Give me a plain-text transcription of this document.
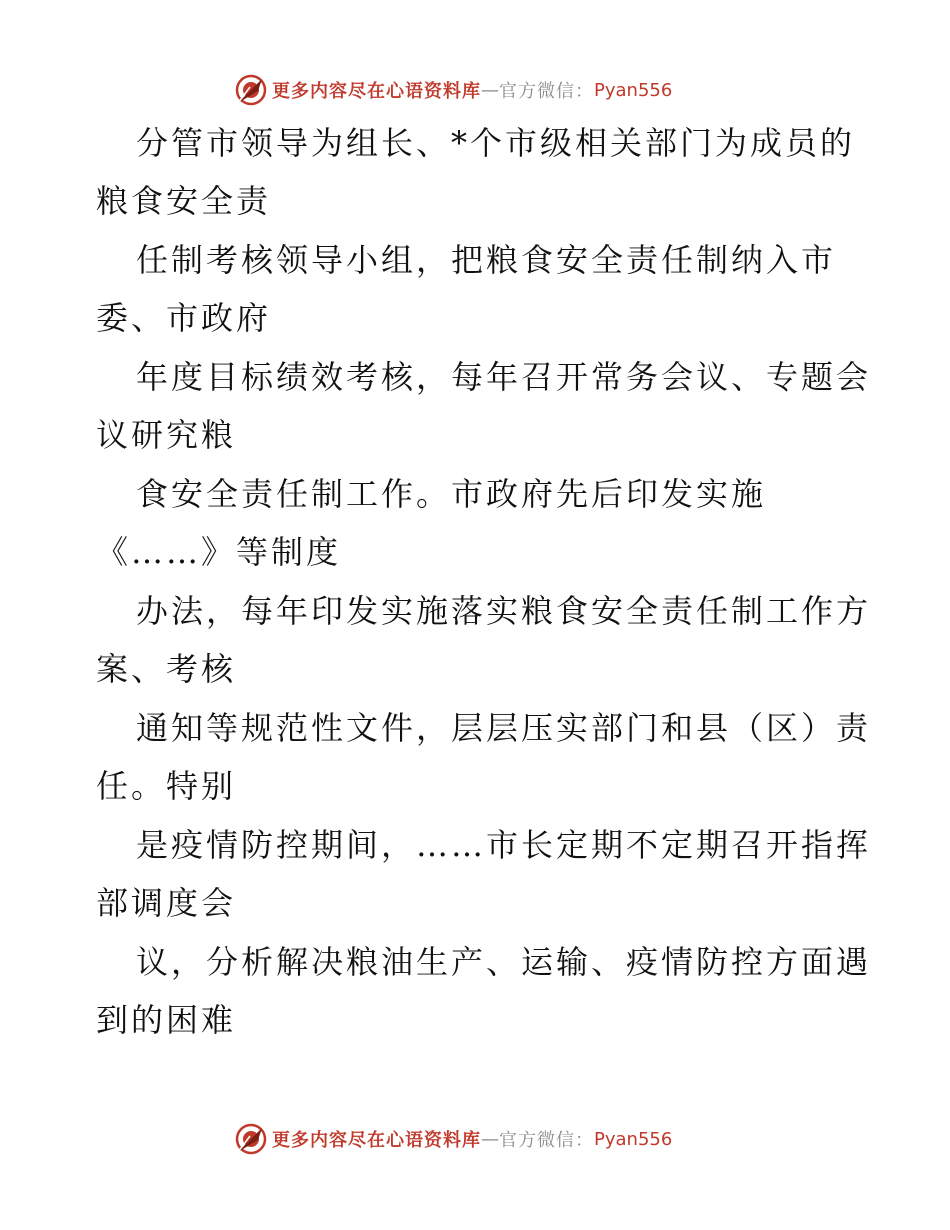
更多内容尽在心语资料库 — 官方微信： Pyan556
分管市领导为组长、*个市级相关部门为成员的
粮食安全责
任制考核领导小组，把粮食安全责任制纳入市
委、市政府
年度目标绩效考核，每年召开常务会议、专题会
议研究粮
食安全责任制工作。市政府先后印发实施
《……》等制度
办法，每年印发实施落实粮食安全责任制工作方
案、考核
通知等规范性文件，层层压实部门和县（区）责
任。特别
是疫情防控期间，……市长定期不定期召开指挥
部调度会
议，分析解决粮油生产、运输、疫情防控方面遇
到的困难
更多内容尽在心语资料库 — 官方微信： Pyan556
